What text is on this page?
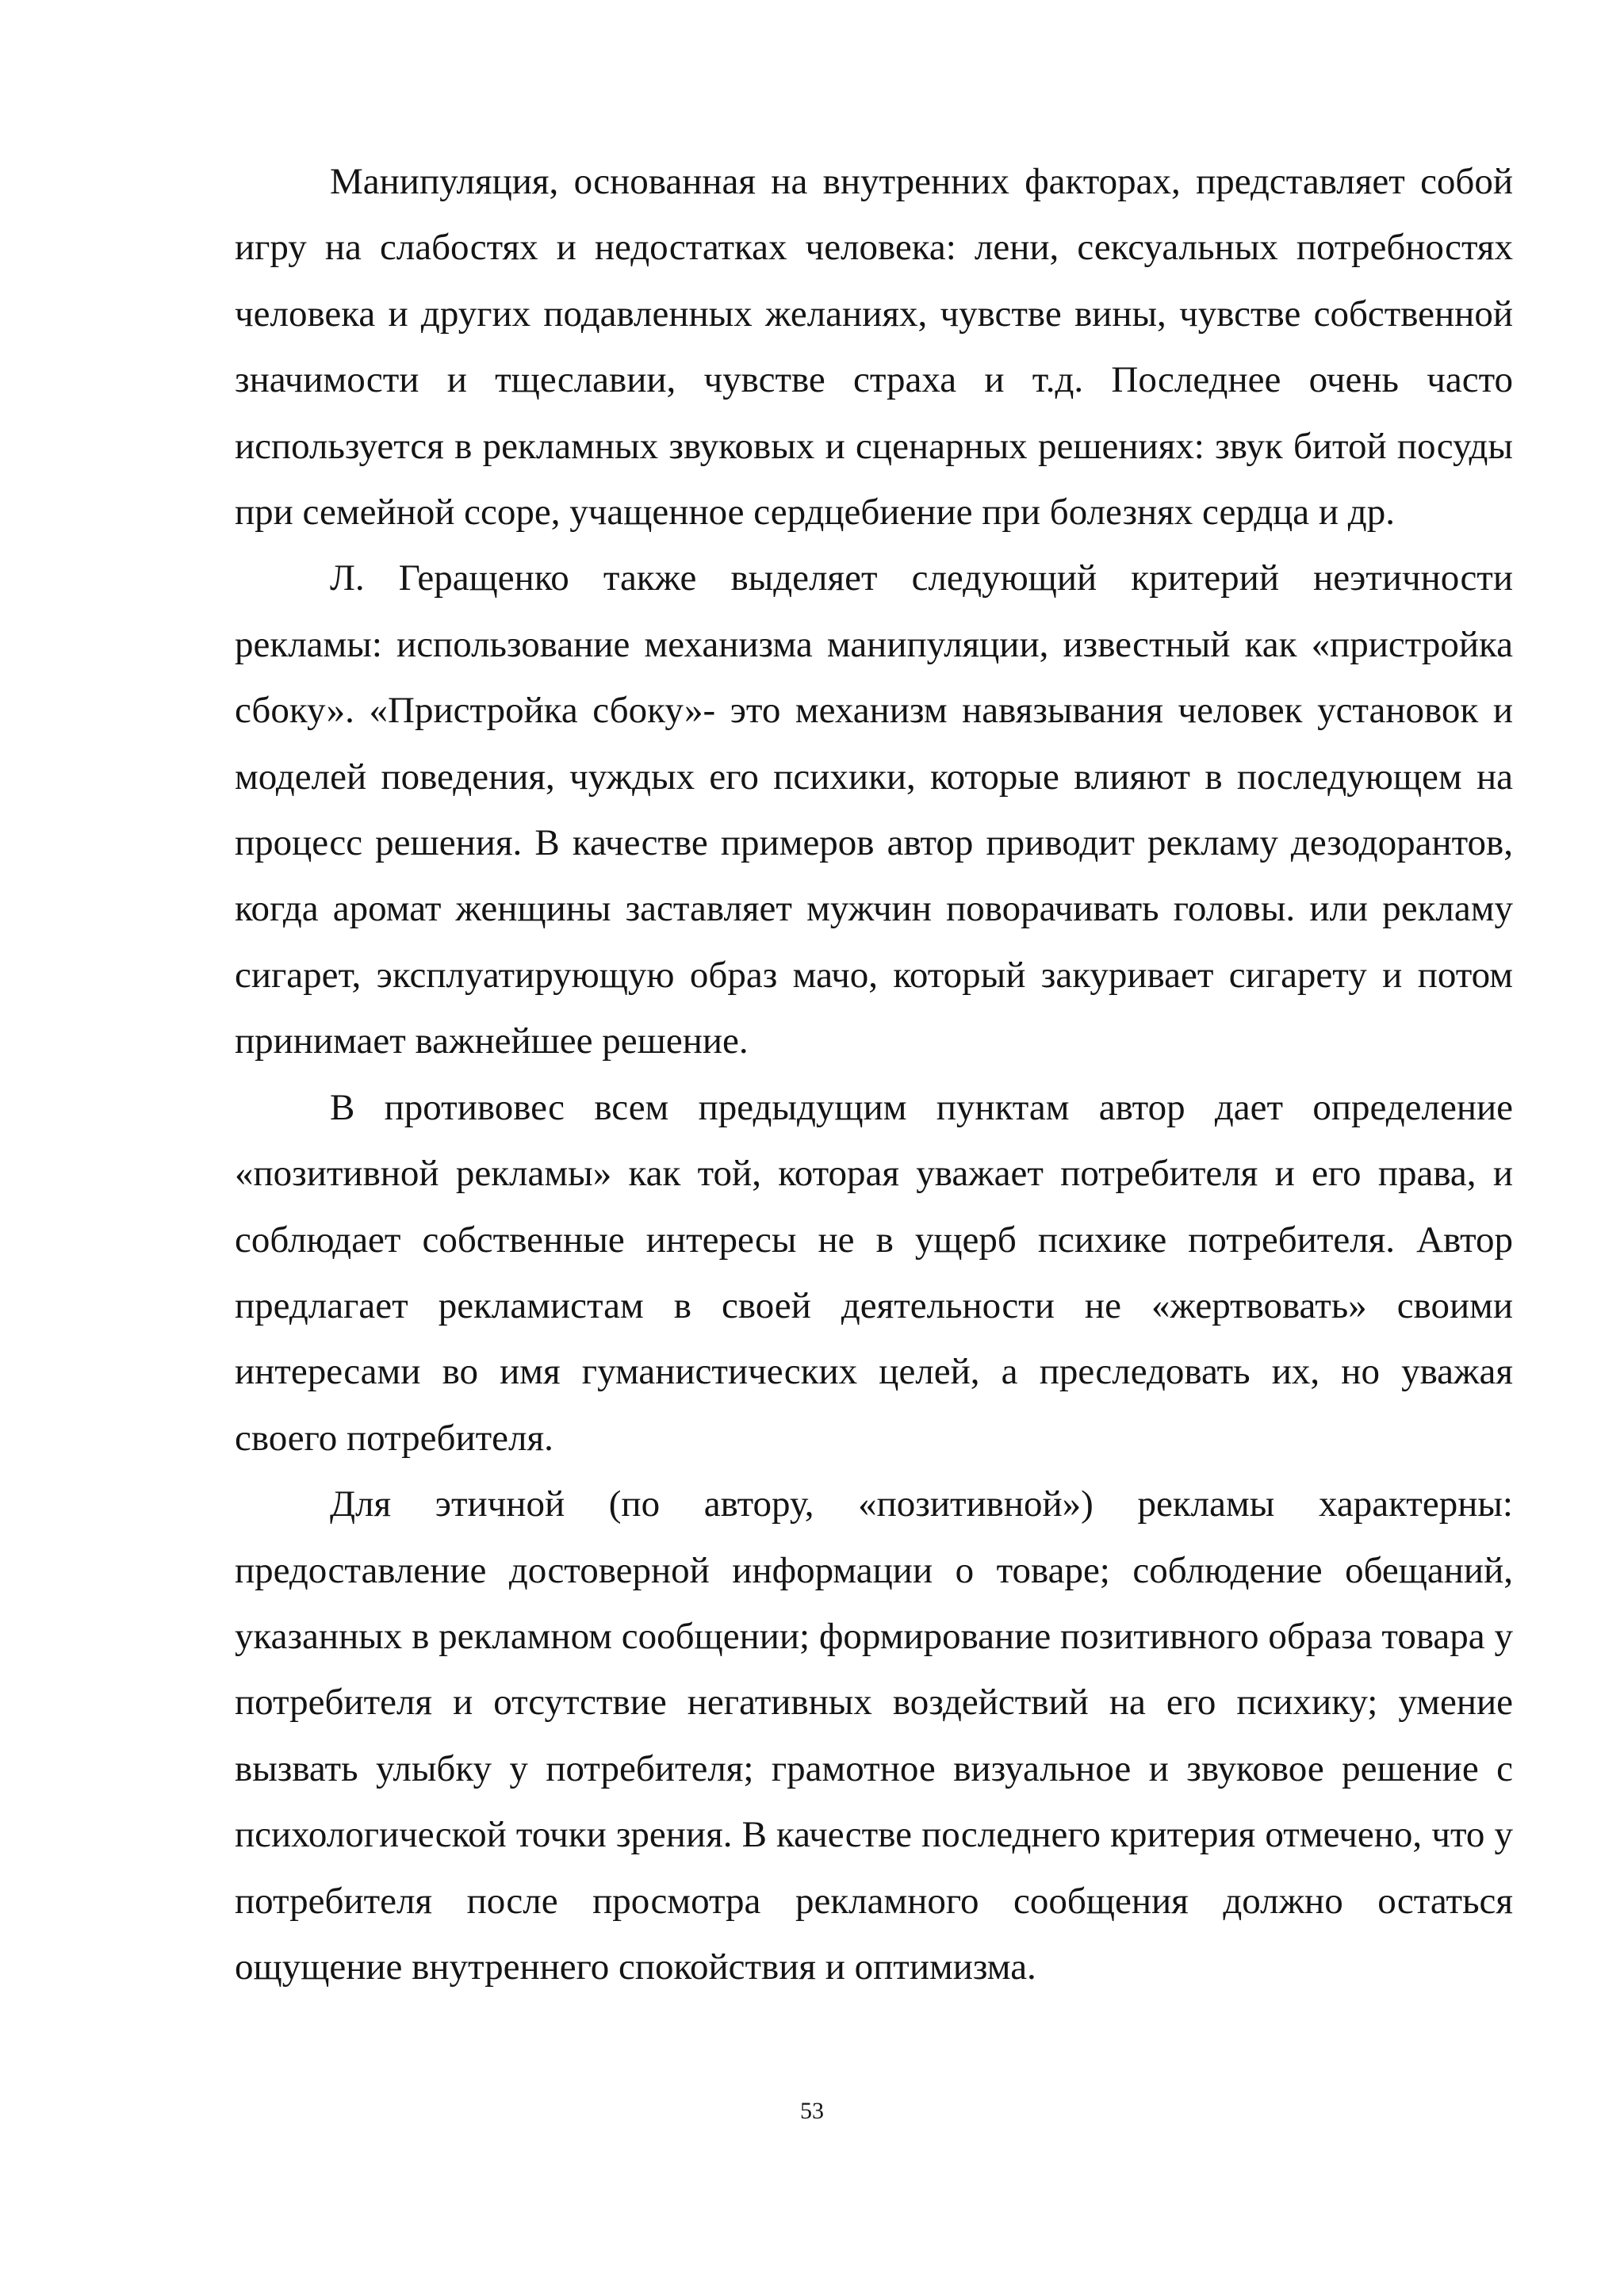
Манипуляция, основанная на внутренних факторах, представляет собой игру на слабостях и недостатках человека: лени, сексуальных потребностях человека и других подавленных желаниях, чувстве вины, чувстве собственной значимости и тщеславии, чувстве страха и т.д. Последнее очень часто используется в рекламных звуковых и сценарных решениях: звук битой посуды при семейной ссоре, учащенное сердцебиение при болезнях сердца и др.

Л. Геращенко также выделяет следующий критерий неэтичности рекламы: использование механизма манипуляции, известный как «пристройка сбоку». «Пристройка сбоку»- это механизм навязывания человек установок и моделей поведения, чуждых его психики, которые влияют в последующем на процесс решения. В качестве примеров автор приводит рекламу дезодорантов, когда аромат женщины заставляет мужчин поворачивать головы. или рекламу сигарет, эксплуатирующую образ мачо, который закуривает сигарету и потом принимает важнейшее решение.

В противовес всем предыдущим пунктам автор дает определение «позитивной рекламы» как той, которая уважает потребителя и его права, и соблюдает собственные интересы не в ущерб психике потребителя. Автор предлагает рекламистам в своей деятельности не «жертвовать» своими интересами во имя гуманистических целей, а преследовать их, но уважая своего потребителя.

Для этичной (по автору, «позитивной») рекламы характерны: предоставление достоверной информации о товаре; соблюдение обещаний, указанных в рекламном сообщении; формирование позитивного образа товара у потребителя и отсутствие негативных воздействий на его психику; умение вызвать улыбку у потребителя; грамотное визуальное и звуковое решение с психологической точки зрения. В качестве последнего критерия отмечено, что у потребителя после просмотра рекламного сообщения должно остаться ощущение внутреннего спокойствия и оптимизма.

53
